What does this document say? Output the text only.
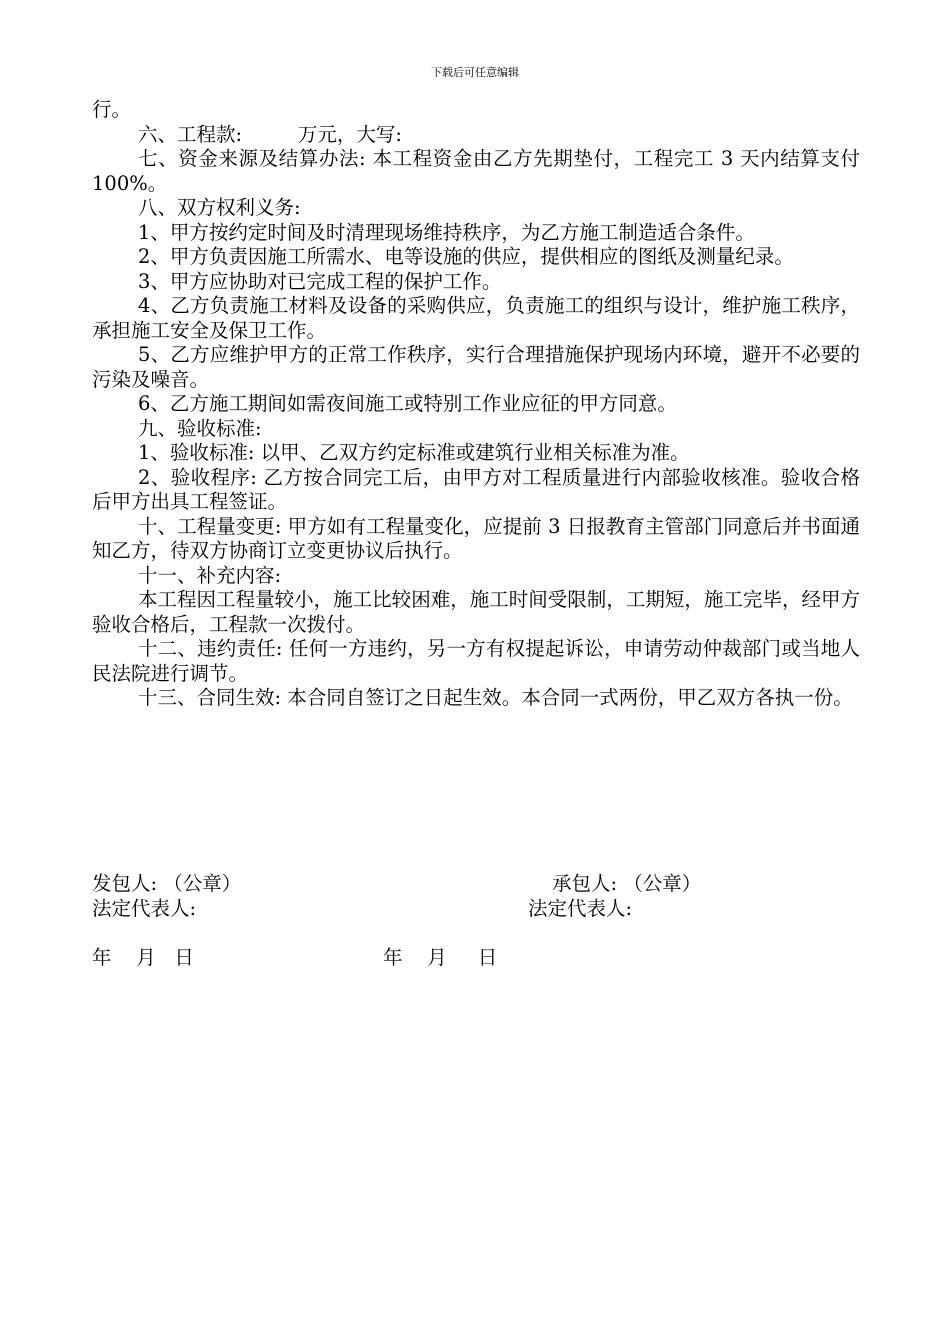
下载后可任意编辑

行。

六、工程款:         万元，大写:

七、资金来源及结算办法: 本工程资金由乙方先期垫付，工程完工 3 天内结算支付 100%。

八、双方权利义务:

1、甲方按约定时间及时清理现场维持秩序，为乙方施工制造适合条件。

2、甲方负责因施工所需水、电等设施的供应，提供相应的图纸及测量纪录。

3、甲方应协助对已完成工程的保护工作。

4、乙方负责施工材料及设备的采购供应，负责施工的组织与设计，维护施工秩序，承担施工安全及保卫工作。

5、乙方应维护甲方的正常工作秩序，实行合理措施保护现场内环境，避开不必要的污染及噪音。

6、乙方施工期间如需夜间施工或特别工作业应征的甲方同意。

九、验收标准:

1、验收标准: 以甲、乙双方约定标准或建筑行业相关标准为准。

2、验收程序: 乙方按合同完工后，由甲方对工程质量进行内部验收核准。验收合格后甲方出具工程签证。

十、工程量变更: 甲方如有工程量变化，应提前 3 日报教育主管部门同意后并书面通知乙方，待双方协商订立变更协议后执行。

十一、补充内容:

本工程因工程量较小，施工比较困难，施工时间受限制，工期短，施工完毕，经甲方验收合格后，工程款一次拨付。

十二、违约责任: 任何一方违约，另一方有权提起诉讼，申请劳动仲裁部门或当地人民法院进行调节。

十三、合同生效: 本合同自签订之日起生效。本合同一式两份，甲乙双方各执一份。

发包人: （公章）	承包人: （公章）
法定代表人:	法定代表人:
年    月   日	年    月     日
